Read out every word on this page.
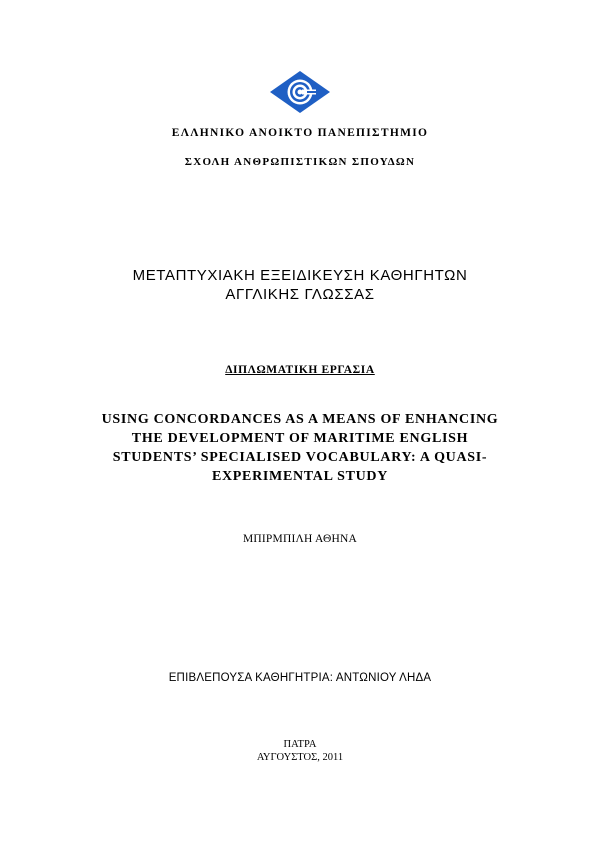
ΕΛΛΗΝΙΚΟ ΑΝΟΙΚΤΟ ΠΑΝΕΠΙΣΤΗΜΙΟ
ΣΧΟΛΗ ΑΝΘΡΩΠΙΣΤΙΚΩΝ ΣΠΟΥΔΩΝ
ΜΕΤΑΠΤΥΧΙΑΚΗ ΕΞΕΙΔΙΚΕΥΣΗ ΚΑΘΗΓΗΤΩΝ
ΑΓΓΛΙΚΗΣ ΓΛΩΣΣΑΣ
ΔΙΠΛΩΜΑΤΙΚΗ ΕΡΓΑΣΙΑ
USING CONCORDANCES AS A MEANS OF ENHANCING
THE DEVELOPMENT OF MARITIME ENGLISH
STUDENTS’ SPECIALISED VOCABULARY: A QUASI-
EXPERIMENTAL STUDY
ΜΠΙΡΜΠΙΛΗ ΑΘΗΝΑ
ΕΠΙΒΛΕΠΟΥΣΑ ΚΑΘΗΓΗΤΡΙΑ: ΑΝΤΩΝΙΟΥ ΛΗΔΑ
ΠΑΤΡΑ
ΑΥΓΟΥΣΤΟΣ, 2011
